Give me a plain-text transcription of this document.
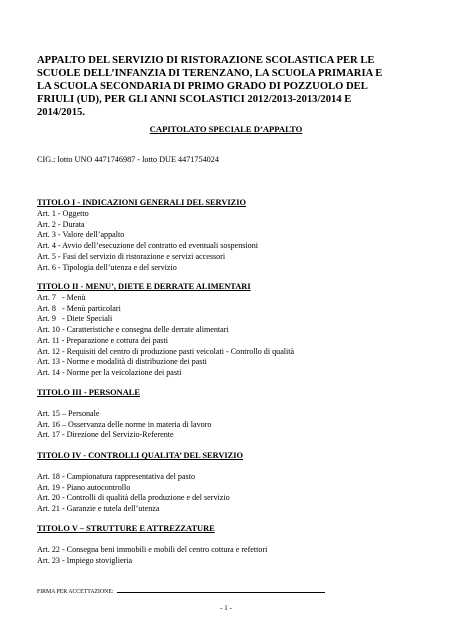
APPALTO DEL SERVIZIO DI RISTORAZIONE SCOLASTICA PER LE
SCUOLE DELL’INFANZIA DI TERENZANO, LA SCUOLA PRIMARIA E
LA SCUOLA SECONDARIA DI PRIMO GRADO DI POZZUOLO DEL
FRIULI (UD), PER GLI ANNI SCOLASTICI 2012/2013-2013/2014 E
2014/2015.
CAPITOLATO SPECIALE D’APPALTO
CIG.: lotto UNO 4471746987 - lotto DUE 4471754024
TITOLO I - INDICAZIONI GENERALI DEL SERVIZIO
Art. 1 - Oggetto
Art. 2 - Durata
Art. 3 - Valore dell’appalto
Art. 4 - Avvio dell’esecuzione del contratto ed eventuali sospensioni
Art. 5 - Fasi del servizio di ristorazione e servizi accessori
Art. 6 - Tipologia dell’utenza e del servizio
TITOLO II - MENU’, DIETE E DERRATE ALIMENTARI
Art. 7   - Menù
Art. 8   - Menù particolari
Art. 9   - Diete Speciali
Art. 10 - Caratteristiche e consegna delle derrate alimentari
Art. 11 - Preparazione e cottura dei pasti
Art. 12 - Requisiti del centro di produzione pasti veicolati - Controllo di qualità
Art. 13 - Norme e modalità di distribuzione dei pasti
Art. 14 - Norme per la veicolazione dei pasti
TITOLO III - PERSONALE
Art. 15 – Personale
Art. 16 – Osservanza delle norme in materia di lavoro
Art. 17 - Direzione del Servizio-Referente
TITOLO IV - CONTROLLI QUALITA’ DEL SERVIZIO
Art. 18 - Campionatura rappresentativa del pasto
Art. 19 - Piano autocontrollo
Art. 20 - Controlli di qualità della produzione e del servizio
Art. 21 - Garanzie e tutela dell’utenza
TITOLO V – STRUTTURE E ATTREZZATURE
Art. 22 - Consegna beni immobili e mobili del centro cottura e refettori
Art. 23 - Impiego stoviglieria
FIRMA PER ACCETTAZIONE:
- 1 -
